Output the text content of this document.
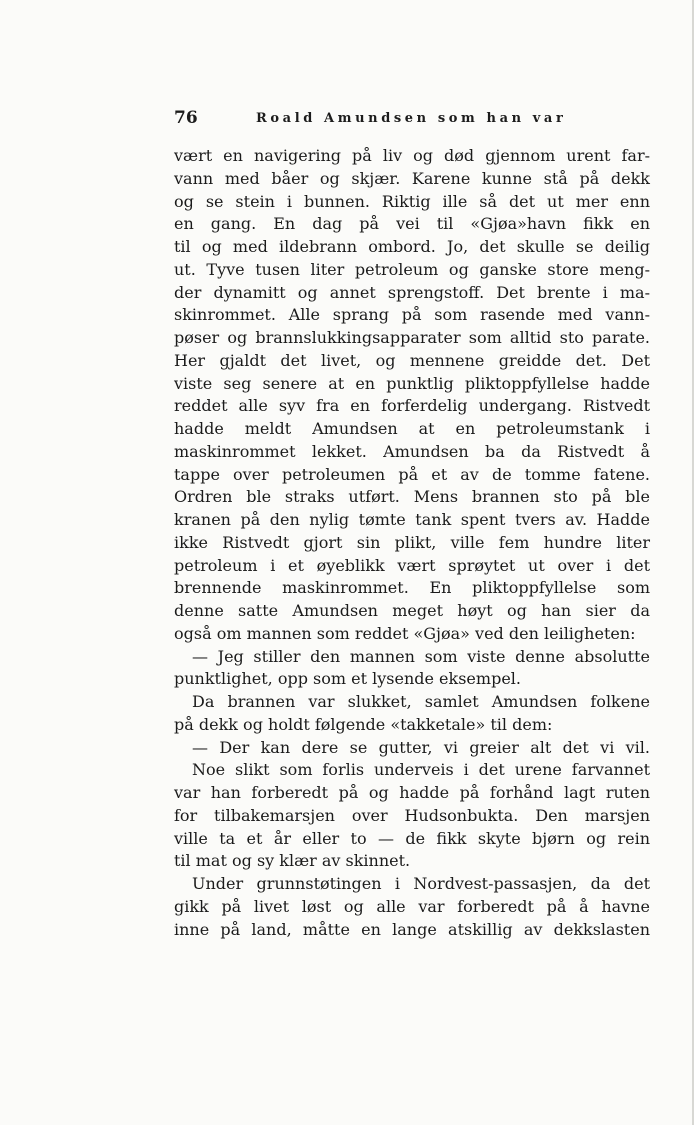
76	Roald Amundsen som han var
vært en navigering på liv og død gjennom urent far-
vann med båer og skjær. Karene kunne stå på dekk
og se stein i bunnen. Riktig ille så det ut mer enn
en gang. En dag på vei til «Gjøa»havn fikk en
til og med ildebrann ombord. Jo, det skulle se deilig
ut. Tyve tusen liter petroleum og ganske store meng-
der dynamitt og annet sprengstoff. Det brente i ma-
skinrommet. Alle sprang på som rasende med vann-
pøser og brannslukkingsapparater som alltid sto parate.
Her gjaldt det livet, og mennene greidde det. Det
viste seg senere at en punktlig pliktoppfyllelse hadde
reddet alle syv fra en forferdelig undergang. Ristvedt
hadde meldt Amundsen at en petroleumstank i
maskinrommet lekket. Amundsen ba da Ristvedt å
tappe over petroleumen på et av de tomme fatene.
Ordren ble straks utført. Mens brannen sto på ble
kranen på den nylig tømte tank spent tvers av. Hadde
ikke Ristvedt gjort sin plikt, ville fem hundre liter
petroleum i et øyeblikk vært sprøytet ut over i det
brennende maskinrommet. En pliktoppfyllelse som
denne satte Amundsen meget høyt og han sier da
også om mannen som reddet «Gjøa» ved den leiligheten:
— Jeg stiller den mannen som viste denne absolutte
punktlighet, opp som et lysende eksempel.
Da brannen var slukket, samlet Amundsen folkene
på dekk og holdt følgende «takketale» til dem:
— Der kan dere se gutter, vi greier alt det vi vil.
Noe slikt som forlis underveis i det urene farvannet
var han forberedt på og hadde på forhånd lagt ruten
for tilbakemarsjen over Hudsonbukta. Den marsjen
ville ta et år eller to — de fikk skyte bjørn og rein
til mat og sy klær av skinnet.
Under grunnstøtingen i Nordvest-passasjen, da det
gikk på livet løst og alle var forberedt på å havne
inne på land, måtte en lange atskillig av dekkslasten
